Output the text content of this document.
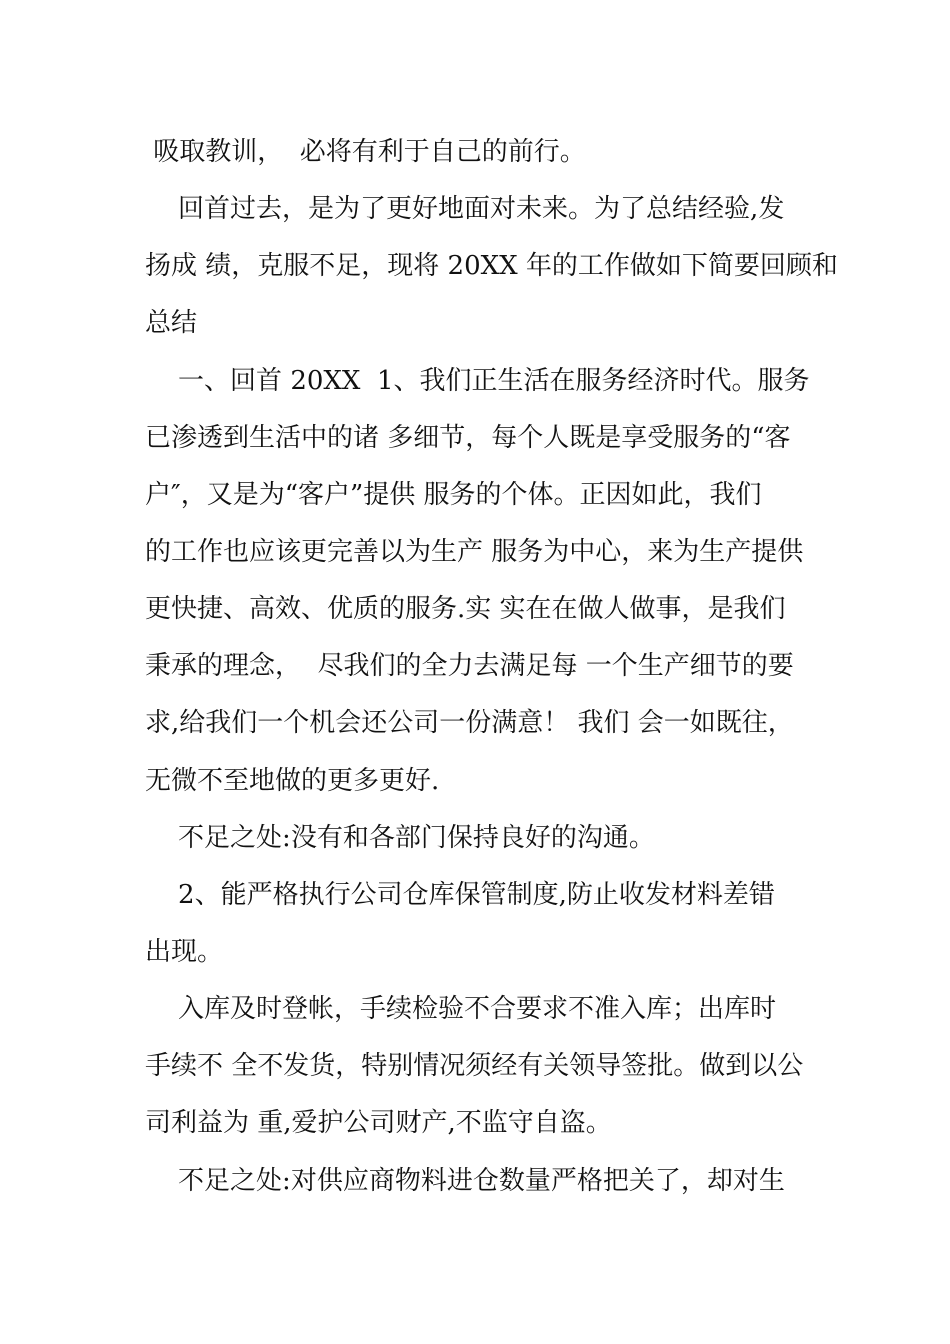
吸取教训，  必将有利于自己的前行。
回首过去，是为了更好地面对未来。为了总结经验,发
扬成 绩，克服不足，现将 20XX 年的工作做如下简要回顾和
总结
一、回首 20XX  1、我们正生活在服务经济时代。服务
已渗透到生活中的诸 多细节，每个人既是享受服务的“客
户″，又是为“客户”提供 服务的个体。正因如此，我们
的工作也应该更完善以为生产 服务为中心，来为生产提供
更快捷、高效、优质的服务.实 实在在做人做事，是我们
秉承的理念，  尽我们的全力去满足每 一个生产细节的要
求,给我们一个机会还公司一份满意！ 我们 会一如既往，
无微不至地做的更多更好.
不足之处:没有和各部门保持良好的沟通。
2、能严格执行公司仓库保管制度,防止收发材料差错
出现。
入库及时登帐，手续检验不合要求不准入库；出库时
手续不 全不发货，特别情况须经有关领导签批。做到以公
司利益为 重,爱护公司财产,不监守自盗。
不足之处:对供应商物料进仓数量严格把关了，却对生
